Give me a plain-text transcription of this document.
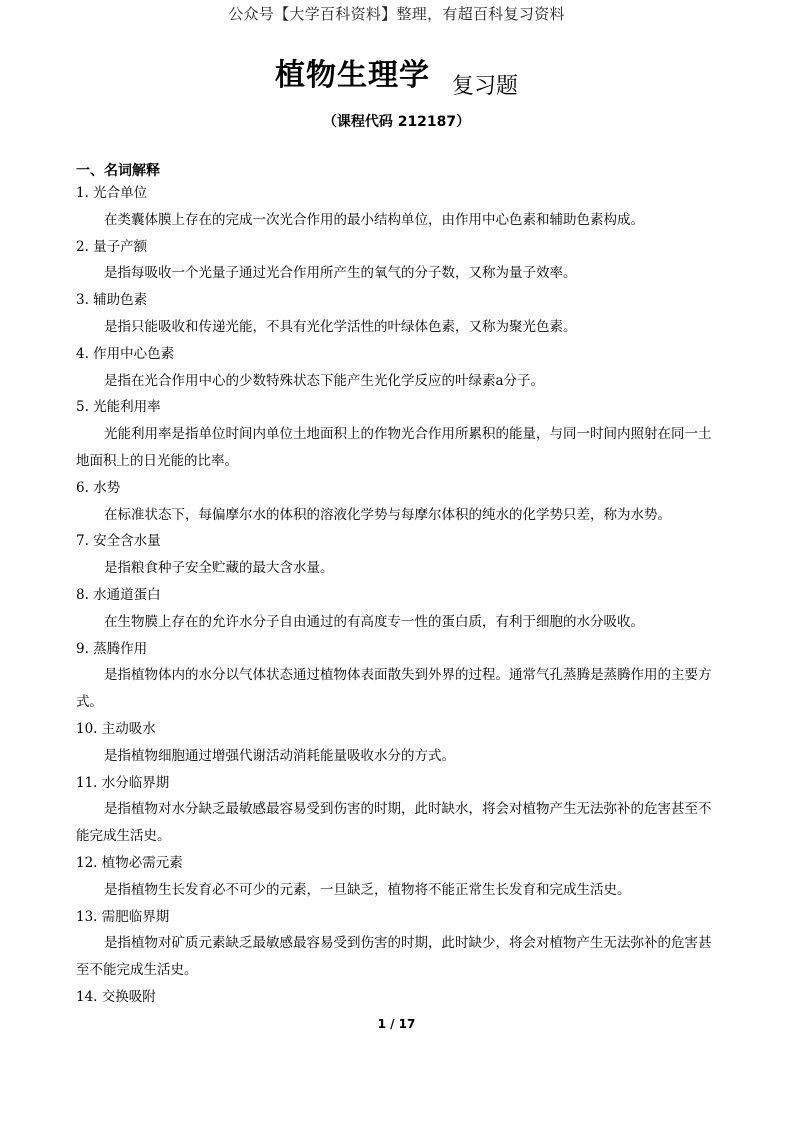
公众号【大学百科资料】整理，有超百科复习资料
植物生理学 复习题
（课程代码 212187）
一、名词解释

1. 光合单位

在类囊体膜上存在的完成一次光合作用的最小结构单位，由作用中心色素和辅助色素构成。

2. 量子产额

是指每吸收一个光量子通过光合作用所产生的氧气的分子数，又称为量子效率。

3. 辅助色素

是指只能吸收和传递光能，不具有光化学活性的叶绿体色素，又称为聚光色素。

4. 作用中心色素

是指在光合作用中心的少数特殊状态下能产生光化学反应的叶绿素a分子。

5. 光能利用率

光能利用率是指单位时间内单位土地面积上的作物光合作用所累积的能量，与同一时间内照射在同一土地面积上的日光能的比率。

6. 水势

在标准状态下，每偏摩尔水的体积的溶液化学势与每摩尔体积的纯水的化学势只差，称为水势。

7. 安全含水量

是指粮食种子安全贮藏的最大含水量。

8. 水通道蛋白

在生物膜上存在的允许水分子自由通过的有高度专一性的蛋白质，有利于细胞的水分吸收。

9. 蒸腾作用

是指植物体内的水分以气体状态通过植物体表面散失到外界的过程。通常气孔蒸腾是蒸腾作用的主要方式。

10. 主动吸水

是指植物细胞通过增强代谢活动消耗能量吸收水分的方式。

11. 水分临界期

是指植物对水分缺乏最敏感最容易受到伤害的时期，此时缺水，将会对植物产生无法弥补的危害甚至不能完成生活史。

12. 植物必需元素

是指植物生长发育必不可少的元素，一旦缺乏，植物将不能正常生长发育和完成生活史。

13. 需肥临界期

是指植物对矿质元素缺乏最敏感最容易受到伤害的时期，此时缺少，将会对植物产生无法弥补的危害甚至不能完成生活史。

14. 交换吸附

1 / 17
